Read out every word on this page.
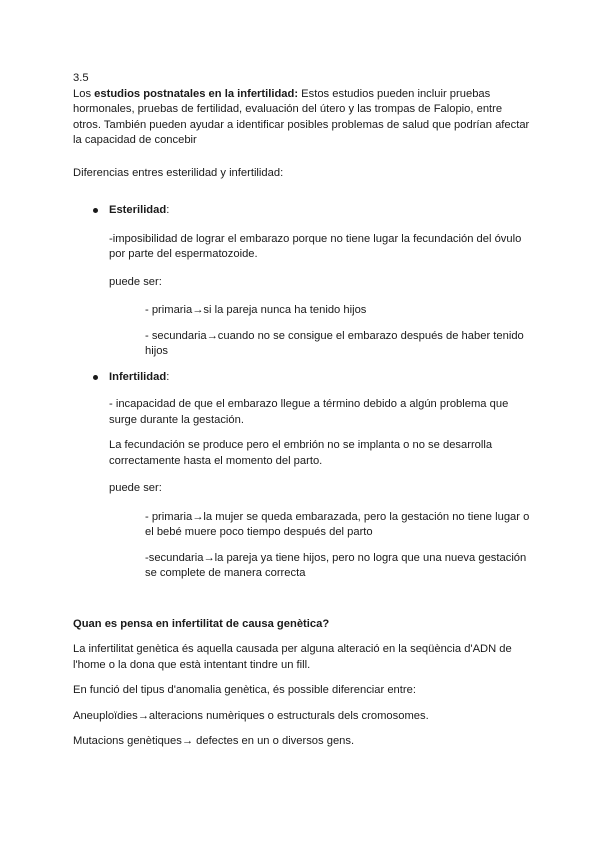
3.5

Los estudios postnatales en la infertilidad: Estos estudios pueden incluir pruebas hormonales, pruebas de fertilidad, evaluación del útero y las trompas de Falopio, entre otros. También pueden ayudar a identificar posibles problemas de salud que podrían afectar la capacidad de concebir

Diferencias entres esterilidad y infertilidad:

Esterilidad:

-imposibilidad de lograr el embarazo porque no tiene lugar la fecundación del óvulo por parte del espermatozoide.

puede ser:

- primaria→si la pareja nunca ha tenido hijos

- secundaria→cuando no se consigue el embarazo después de haber tenido hijos

Infertilidad:

- incapacidad de que el embarazo llegue a término debido a algún problema que surge durante la gestación.

La fecundación se produce pero el embrión no se implanta o no se desarrolla correctamente hasta el momento del parto.

puede ser:

- primaria→la mujer se queda embarazada, pero la gestación no tiene lugar o el bebé muere poco tiempo después del parto

-secundaria→la pareja ya tiene hijos, pero no logra que una nueva gestación se complete de manera correcta

Quan es pensa en infertilitat de causa genètica?

La infertilitat genètica és aquella causada per alguna alteració en la seqüència d'ADN de l'home o la dona que està intentant tindre un fill.

En funció del tipus d'anomalia genètica, és possible diferenciar entre:

Aneuploïdies→alteracions numèriques o estructurals dels cromosomes.

Mutacions genètiques→ defectes en un o diversos gens.
